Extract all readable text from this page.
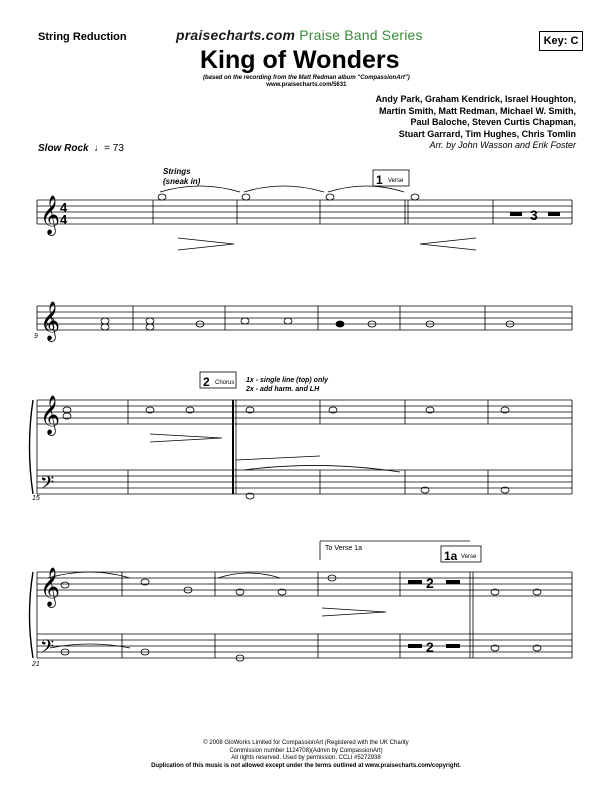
String Reduction	praisecharts.com Praise Band Series
King of Wonders
(based on the recording from the Matt Redman album "CompassionArt")
www.praisecharts.com/5631
Key: C
Andy Park, Graham Kendrick, Israel Houghton,
Martin Smith, Matt Redman, Michael W. Smith,
Paul Baloche, Steven Curtis Chapman,
Stuart Garrard, Tim Hughes, Chris Tomlin
Arr. by John Wasson and Erik Foster
Slow Rock  ♩= 73
𝄞
𝄞
𝄞
𝄞
𝄢
𝄢
Strings
(sneak in)	1 Verse
2 Chorus
1a Verse
3
2
2
1x - single line (top) only
2x - add harm. and LH
To Verse 1a
4
4
9
15
21
© 2008 GloWorks Limited for CompassionArt (Registered with the UK Charity
Commission number 1124708)(Admin by CompassionArt)
All rights reserved. Used by permission. CCLI #5272938
Duplication of this music is not allowed except under the terms outlined at www.praisecharts.com/copyright.
